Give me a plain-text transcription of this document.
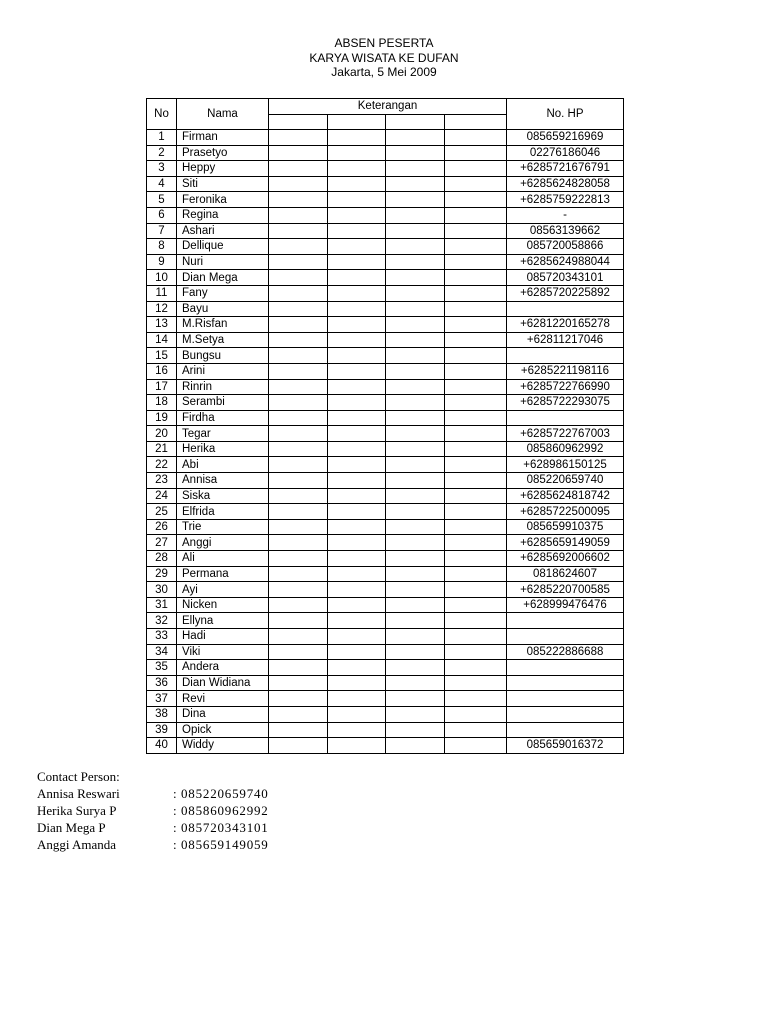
ABSEN PESERTA
KARYA WISATA KE DUFAN
Jakarta, 5 Mei 2009
No	Nama	Keterangan				No. HP

1	Firman					085659216969
2	Prasetyo					02276186046
3	Heppy					+6285721676791
4	Siti					+6285624828058
5	Feronika					+6285759222813
6	Regina					-
7	Ashari					08563139662
8	Dellique					085720058866
9	Nuri					+6285624988044
10	Dian Mega					085720343101
11	Fany					+6285720225892
12	Bayu					
13	M.Risfan					+6281220165278
14	M.Setya					+62811217046
15	Bungsu					
16	Arini					+6285221198116
17	Rinrin					+6285722766990
18	Serambi					+6285722293075
19	Firdha					
20	Tegar					+6285722767003
21	Herika					085860962992
22	Abi					+628986150125
23	Annisa					085220659740
24	Siska					+6285624818742
25	Elfrida					+6285722500095
26	Trie					085659910375
27	Anggi					+6285659149059
28	Ali					+6285692006602
29	Permana					0818624607
30	Ayi					+6285220700585
31	Nicken					+628999476476
32	Ellyna					
33	Hadi					
34	Viki					085222886688
35	Andera					
36	Dian Widiana					
37	Revi					
38	Dina					
39	Opick					
40	Widdy					085659016372
Contact Person:
Annisa Reswari	: 085220659740
Herika Surya P	: 085860962992
Dian Mega P	: 085720343101
Anggi Amanda	: 085659149059
